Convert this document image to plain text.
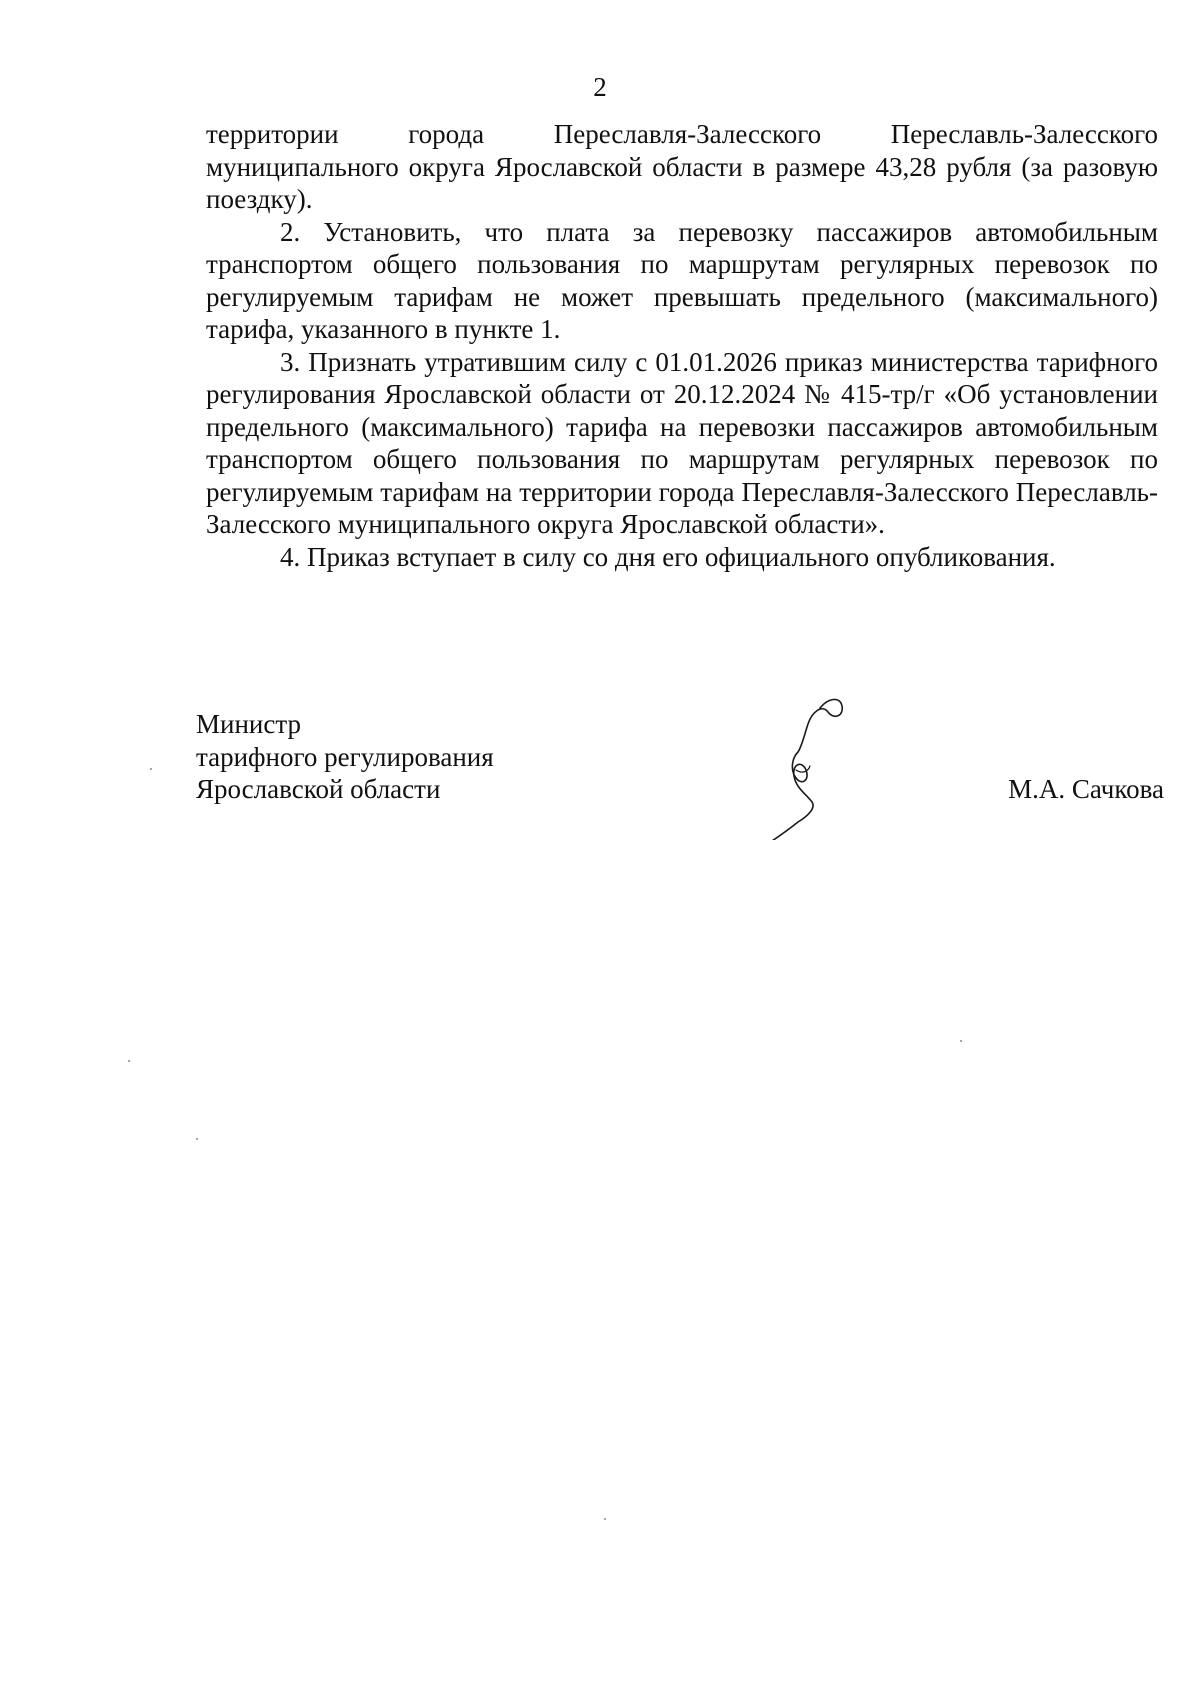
2

территории города Переславля-Залесского Переславль-Залесского муниципального округа Ярославской области в размере 43,28 рубля (за разовую поездку).

2. Установить, что плата за перевозку пассажиров автомобильным транспортом общего пользования по маршрутам регулярных перевозок по регулируемым тарифам не может превышать предельного (максимального) тарифа, указанного в пункте 1.

3. Признать утратившим силу с 01.01.2026 приказ министерства тарифного регулирования Ярославской области от 20.12.2024 № 415-тр/г «Об установлении предельного (максимального) тарифа на перевозки пассажиров автомобильным транспортом общего пользования по маршрутам регулярных перевозок по регулируемым тарифам на территории города Переславля-Залесского Переславль-Залесского муниципального округа Ярославской области».

4. Приказ вступает в силу со дня его официального опубликования.

Министр
тарифного регулирования
Ярославской области	М.А. Сачкова
